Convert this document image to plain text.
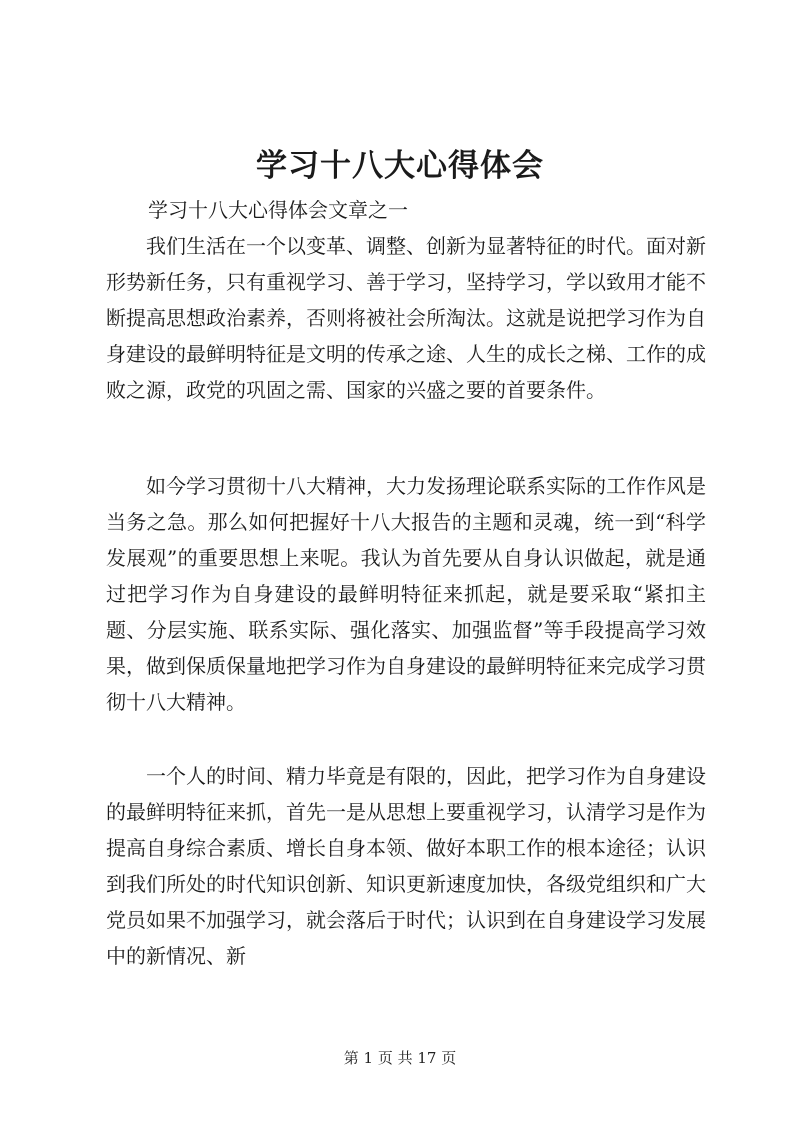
学习十八大心得体会
学习十八大心得体会文章之一

我们生活在一个以变革、调整、创新为显著特征的时代。面对新形势新任务，只有重视学习、善于学习，坚持学习，学以致用才能不断提高思想政治素养，否则将被社会所淘汰。这就是说把学习作为自身建设的最鲜明特征是文明的传承之途、人生的成长之梯、工作的成败之源，政党的巩固之需、国家的兴盛之要的首要条件。

如今学习贯彻十八大精神，大力发扬理论联系实际的工作作风是当务之急。那么如何把握好十八大报告的主题和灵魂，统一到“科学发展观”的重要思想上来呢。我认为首先要从自身认识做起，就是通过把学习作为自身建设的最鲜明特征来抓起，就是要采取“紧扣主题、分层实施、联系实际、强化落实、加强监督”等手段提高学习效果，做到保质保量地把学习作为自身建设的最鲜明特征来完成学习贯彻十八大精神。

一个人的时间、精力毕竟是有限的，因此，把学习作为自身建设的最鲜明特征来抓，首先一是从思想上要重视学习，认清学习是作为提高自身综合素质、增长自身本领、做好本职工作的根本途径；认识到我们所处的时代知识创新、知识更新速度加快，各级党组织和广大党员如果不加强学习，就会落后于时代；认识到在自身建设学习发展中的新情况、新

第 1 页 共 17 页
